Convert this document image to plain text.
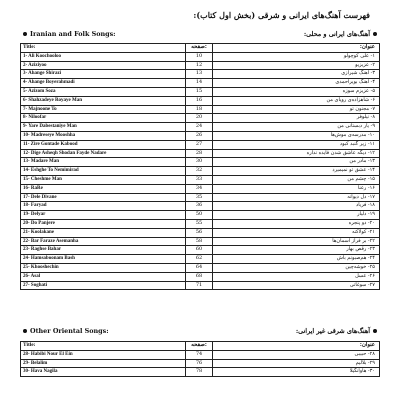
فهرست آهنگ‌های ایرانی و شرقی (بخش اول کتاب):
Iranian and Folk Songs:	آهنگ‌های ایرانی و محلی:
Title:	صفحه:	عنوان:
1- Ali Koochooloo	10	۱- علی کوچولو
2- Aziziyoo	12	۲- عزیزیو
3- Ahange Shirazi	13	۳- آهنگ شیرازی
4- Ahange Boyerahmadi	14	۴- آهنگ بویراحمدی
5- Azizom Soza	15	۵- عزیزم سوزه
6- Shahzadeye Royaye Man	16	۶- شاهزاده‌ی رویای من
7- Majnoone To	18	۷- مجنون تو
8- Niloofar	20	۸- نیلوفر
9- Yare Dabestaniye Man	24	۹- یار دبستانی من
10- Madreseye Mooshha	26	۱۰- مدرسه‌ی موش‌ها
11- Zire Gontade Kabood	27	۱۱- زیر گنبد کبود
12- Dige Asheqh Shodan Fayde Nadare	28	۱۲- دیگه عاشق شدن فایده نداره
13- Madare Man	30	۱۳- مادر من
14- Eshghe To Nemimirad	32	۱۴- عشق تو نمیمیرد
15- Cheshme Man	33	۱۵- چشم من
16- RaRe	34	۱۶- رعنا
17- Dele Divane	35	۱۷- دل دیوانه
18- Faryad	36	۱۸- فریاد
19- Delyar	50	۱۹- دلیار
20- Do Panjere	55	۲۰- دو پنجره
21- Koolakane	56	۲۱- کولاکنه
22- Bar Faraze Asemanha	58	۲۲- بر فراز آسمان‌ها
23- Raghse Bahar	60	۲۳- رقص بهار
24- Hamsaboonam Bash	62	۲۴- هم‌صبونم باش
25- Khooshechin	64	۲۵- خوشه‌چین
26- Asal	68	۲۶- عسل
27- Soghati	71	۲۷- سوغاتی
Other Oriental Songs:	آهنگ‌های شرقی غیر ایرانی:
Title:	صفحه:	عنوان:
28- Habibi Nour El Ein	74	۲۸- حبیبی
29- Belalim	76	۲۹- بلالیم
30- Hava Nagila	78	۳۰- هاوانگیلا
